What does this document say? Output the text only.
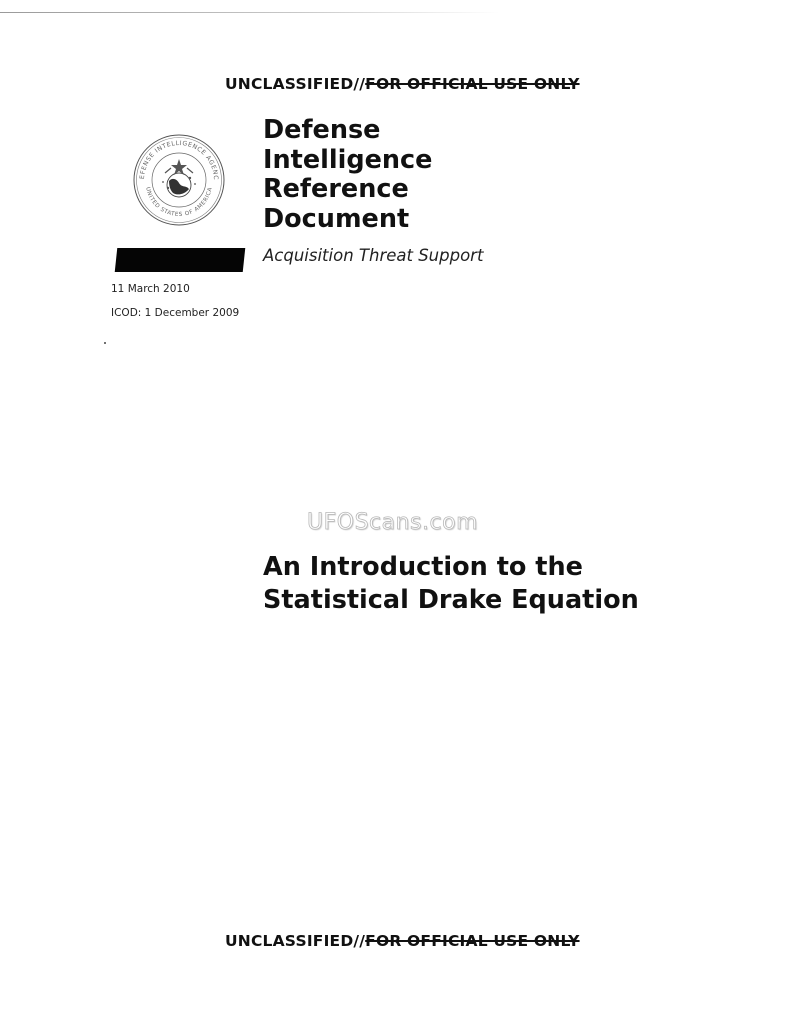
UNCLASSIFIED//FOR OFFICIAL USE ONLY
EFENSE INTELLIGENCE AGENC
UNITED STATES OF AMERICA
Defense
Intelligence
Reference
Document
Acquisition Threat Support
11 March 2010
ICOD: 1 December 2009
UFOScans.com
An Introduction to the
Statistical Drake Equation
UNCLASSIFIED//FOR OFFICIAL USE ONLY
